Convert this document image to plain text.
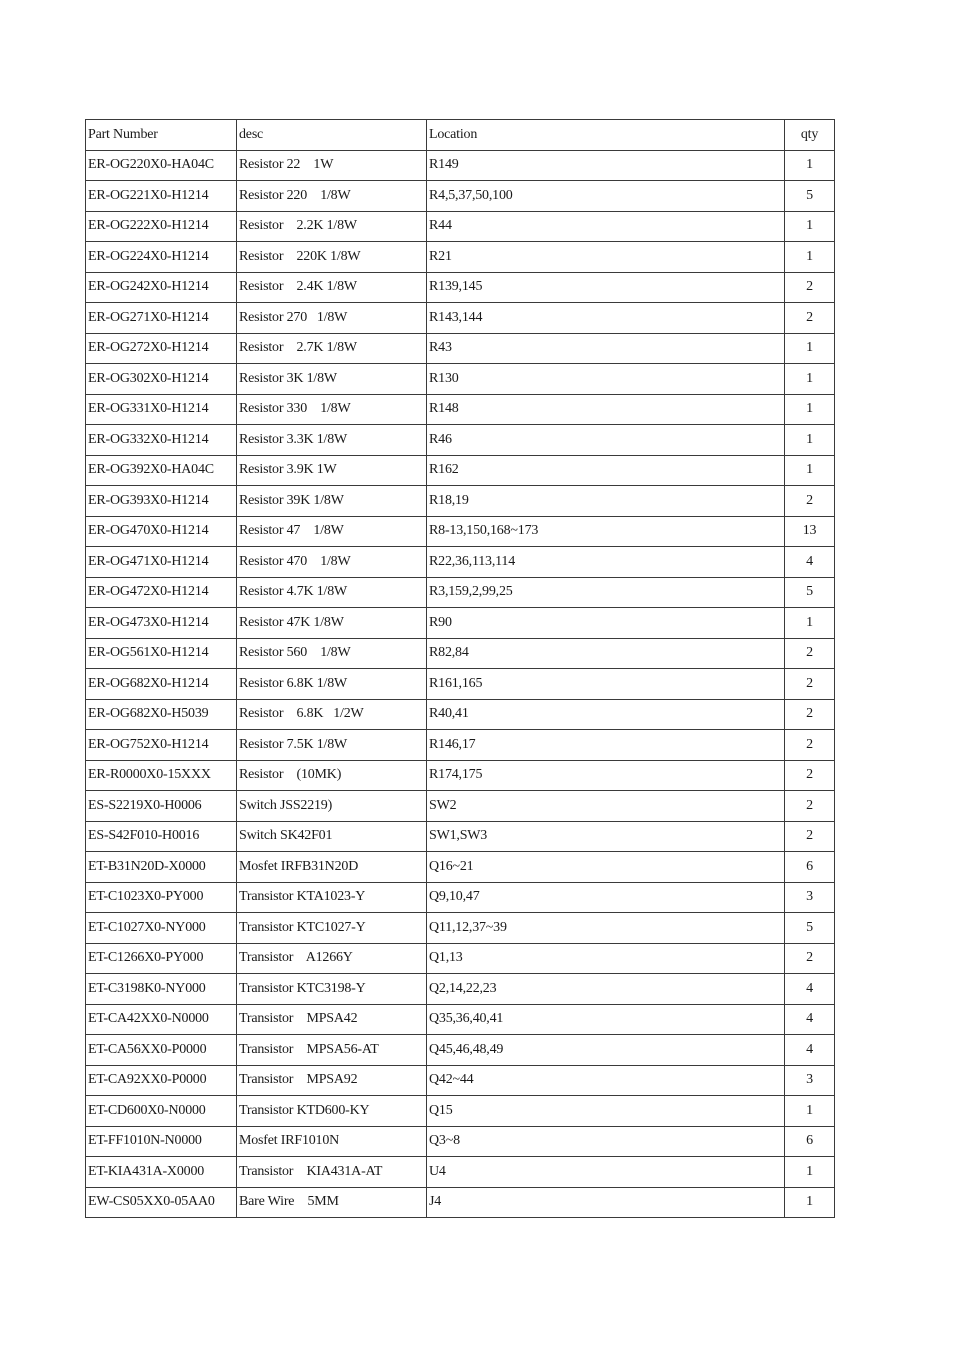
Part Number	desc	Location	qty
ER-OG220X0-HA04C	Resistor 22    1W	R149	1
ER-OG221X0-H1214	Resistor 220    1/8W	R4,5,37,50,100	5
ER-OG222X0-H1214	Resistor    2.2K 1/8W	R44	1
ER-OG224X0-H1214	Resistor    220K 1/8W	R21	1
ER-OG242X0-H1214	Resistor    2.4K 1/8W	R139,145	2
ER-OG271X0-H1214	Resistor 270   1/8W	R143,144	2
ER-OG272X0-H1214	Resistor    2.7K 1/8W	R43	1
ER-OG302X0-H1214	Resistor 3K 1/8W	R130	1
ER-OG331X0-H1214	Resistor 330    1/8W	R148	1
ER-OG332X0-H1214	Resistor 3.3K 1/8W	R46	1
ER-OG392X0-HA04C	Resistor 3.9K 1W	R162	1
ER-OG393X0-H1214	Resistor 39K 1/8W	R18,19	2
ER-OG470X0-H1214	Resistor 47    1/8W	R8-13,150,168~173	13
ER-OG471X0-H1214	Resistor 470    1/8W	R22,36,113,114	4
ER-OG472X0-H1214	Resistor 4.7K 1/8W	R3,159,2,99,25	5
ER-OG473X0-H1214	Resistor 47K 1/8W	R90	1
ER-OG561X0-H1214	Resistor 560    1/8W	R82,84	2
ER-OG682X0-H1214	Resistor 6.8K 1/8W	R161,165	2
ER-OG682X0-H5039	Resistor    6.8K   1/2W	R40,41	2
ER-OG752X0-H1214	Resistor 7.5K 1/8W	R146,17	2
ER-R0000X0-15XXX	Resistor    (10MK)	R174,175	2
ES-S2219X0-H0006	Switch JSS2219)	SW2	2
ES-S42F010-H0016	Switch SK42F01	SW1,SW3	2
ET-B31N20D-X0000	Mosfet IRFB31N20D	Q16~21	6
ET-C1023X0-PY000	Transistor KTA1023-Y	Q9,10,47	3
ET-C1027X0-NY000	Transistor KTC1027-Y	Q11,12,37~39	5
ET-C1266X0-PY000	Transistor    A1266Y	Q1,13	2
ET-C3198K0-NY000	Transistor KTC3198-Y	Q2,14,22,23	4
ET-CA42XX0-N0000	Transistor    MPSA42	Q35,36,40,41	4
ET-CA56XX0-P0000	Transistor    MPSA56-AT	Q45,46,48,49	4
ET-CA92XX0-P0000	Transistor    MPSA92	Q42~44	3
ET-CD600X0-N0000	Transistor KTD600-KY	Q15	1
ET-FF1010N-N0000	Mosfet IRF1010N	Q3~8	6
ET-KIA431A-X0000	Transistor    KIA431A-AT	U4	1
EW-CS05XX0-05AA0	Bare Wire    5MM	J4	1
